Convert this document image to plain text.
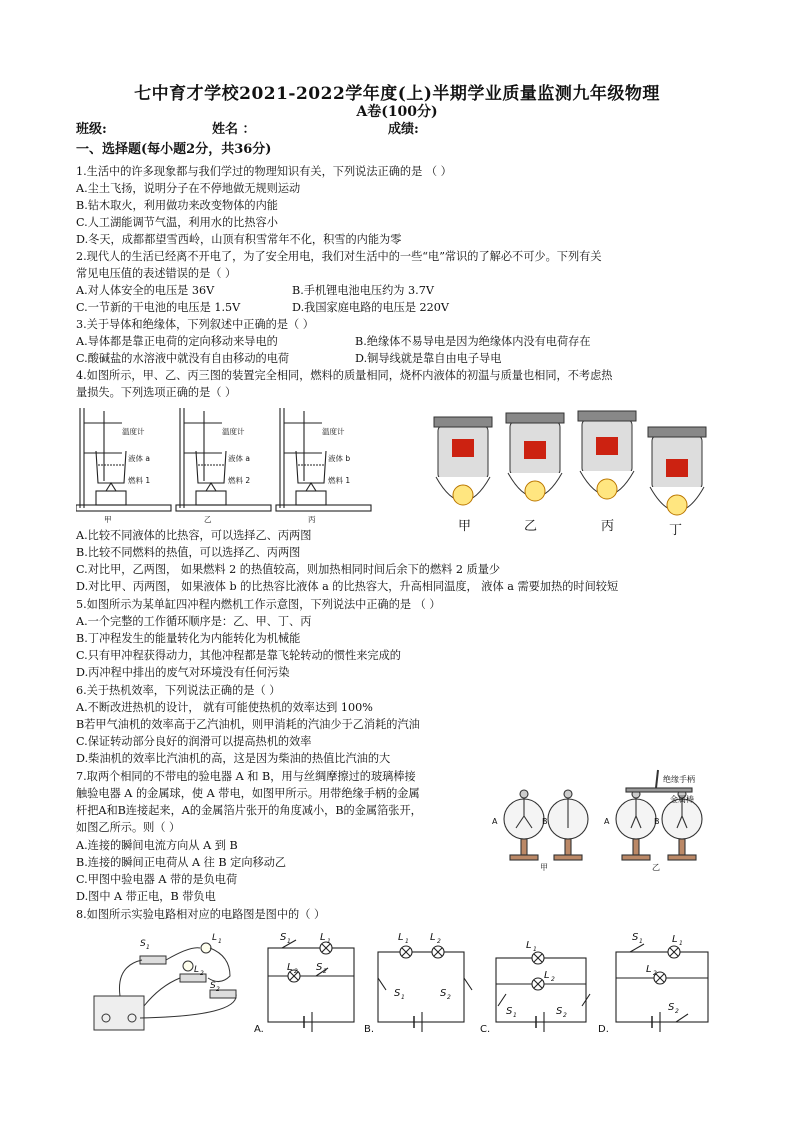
七中育才学校2021-2022学年度(上)半期学业质量监测九年级物理
A卷(100分)
班级:	姓名 ：	成绩:
一、选择题(每小题2分，共36分)
1.生活中的许多现象都与我们学过的物理知识有关，下列说法正确的是 （ ）
A.尘土飞扬，说明分子在不停地做无规则运动
B.钻木取火，利用做功来改变物体的内能
C.人工湖能调节气温，利用水的比热容小
D.冬天，成都都望雪西岭，山顶有积雪常年不化，积雪的内能为零
2.现代人的生活已经离不开电了，为了安全用电，我们对生活中的一些“电”常识的了解必不可少。下列有关
常见电压值的表述错误的是（ ）
A.对人体安全的电压是 36V	B.手机锂电池电压约为 3.7V
C.一节新的干电池的电压是 1.5V	D.我国家庭电路的电压是 220V
3.关于导体和绝缘体，下列叙述中正确的是（ ）
A.导体都是靠正电荷的定向移动来导电的	B.绝缘体不易导电是因为绝缘体内没有电荷存在
C.酸碱盐的水溶液中就没有自由移动的电荷	D.铜导线就是靠自由电子导电
4.如图所示，甲、乙、丙三图的装置完全相同，燃料的质量相同，烧杯内液体的初温与质量也相同，不考虑热
量损失。下列选项正确的是（ ）
温度计
液体 a
燃料 1
温度计
液体 a
燃料 2
温度计
液体 b
燃料 1
甲	乙	丙	甲	乙	丙	丁
A.比较不同液体的比热容，可以选择乙、丙两图
B.比较不同燃料的热值，可以选择乙、丙两图
C.对比甲，乙两图， 如果燃料 2 的热值较高，则加热相同时间后余下的燃料 2 质量少
D.对比甲、丙两图， 如果液体 b 的比热容比液体 a 的比热容大，升高相同温度， 液体 a 需要加热的时间较短
5.如图所示为某单缸四冲程内燃机工作示意图，下列说法中正确的是 （ ）
A.一个完整的工作循环顺序是：乙、甲、丁、丙
B.丁冲程发生的能量转化为内能转化为机械能
C.只有甲冲程获得动力，其他冲程都是靠飞轮转动的惯性来完成的
D.丙冲程中排出的废气对环境没有任何污染
6.关于热机效率，下列说法正确的是（ ）
A.不断改进热机的设计， 就有可能使热机的效率达到 100%
B若甲气油机的效率高于乙汽油机，则甲消耗的汽油少于乙消耗的汽油
C.保证转动部分良好的润滑可以提高热机的效率
D.柴油机的效率比汽油机的高，这是因为柴油的热值比汽油的大
7.取两个相同的不带电的验电器 A 和 B，用与丝绸摩擦过的玻璃棒接
触验电器 A 的金属球，使 A 带电，如图甲所示。用带绝缘手柄的金属
杆把A和B连接起来，A的金属箔片张开的角度减小，B的金属箔张开，
如图乙所示。则（ ）
A.连接的瞬间电流方向从 A 到 B
B.连接的瞬间正电荷从 A 往 B 定向移动乙
C.甲图中验电器 A 带的是负电荷
D.图中 A 带正电，B 带负电
绝缘手柄
金属棒
A	B	A	B
甲	乙
8.如图所示实验电路相对应的电路图是图中的（ ）
S 1
L 1
L 2
S 2
S 1	L 1
L 2 S 2
L 1 L 2
S 1	S 2
L 1
L 2
S 1	S 2
S 1	L 1
L 2
S 2
A.	B.	C.	D.
